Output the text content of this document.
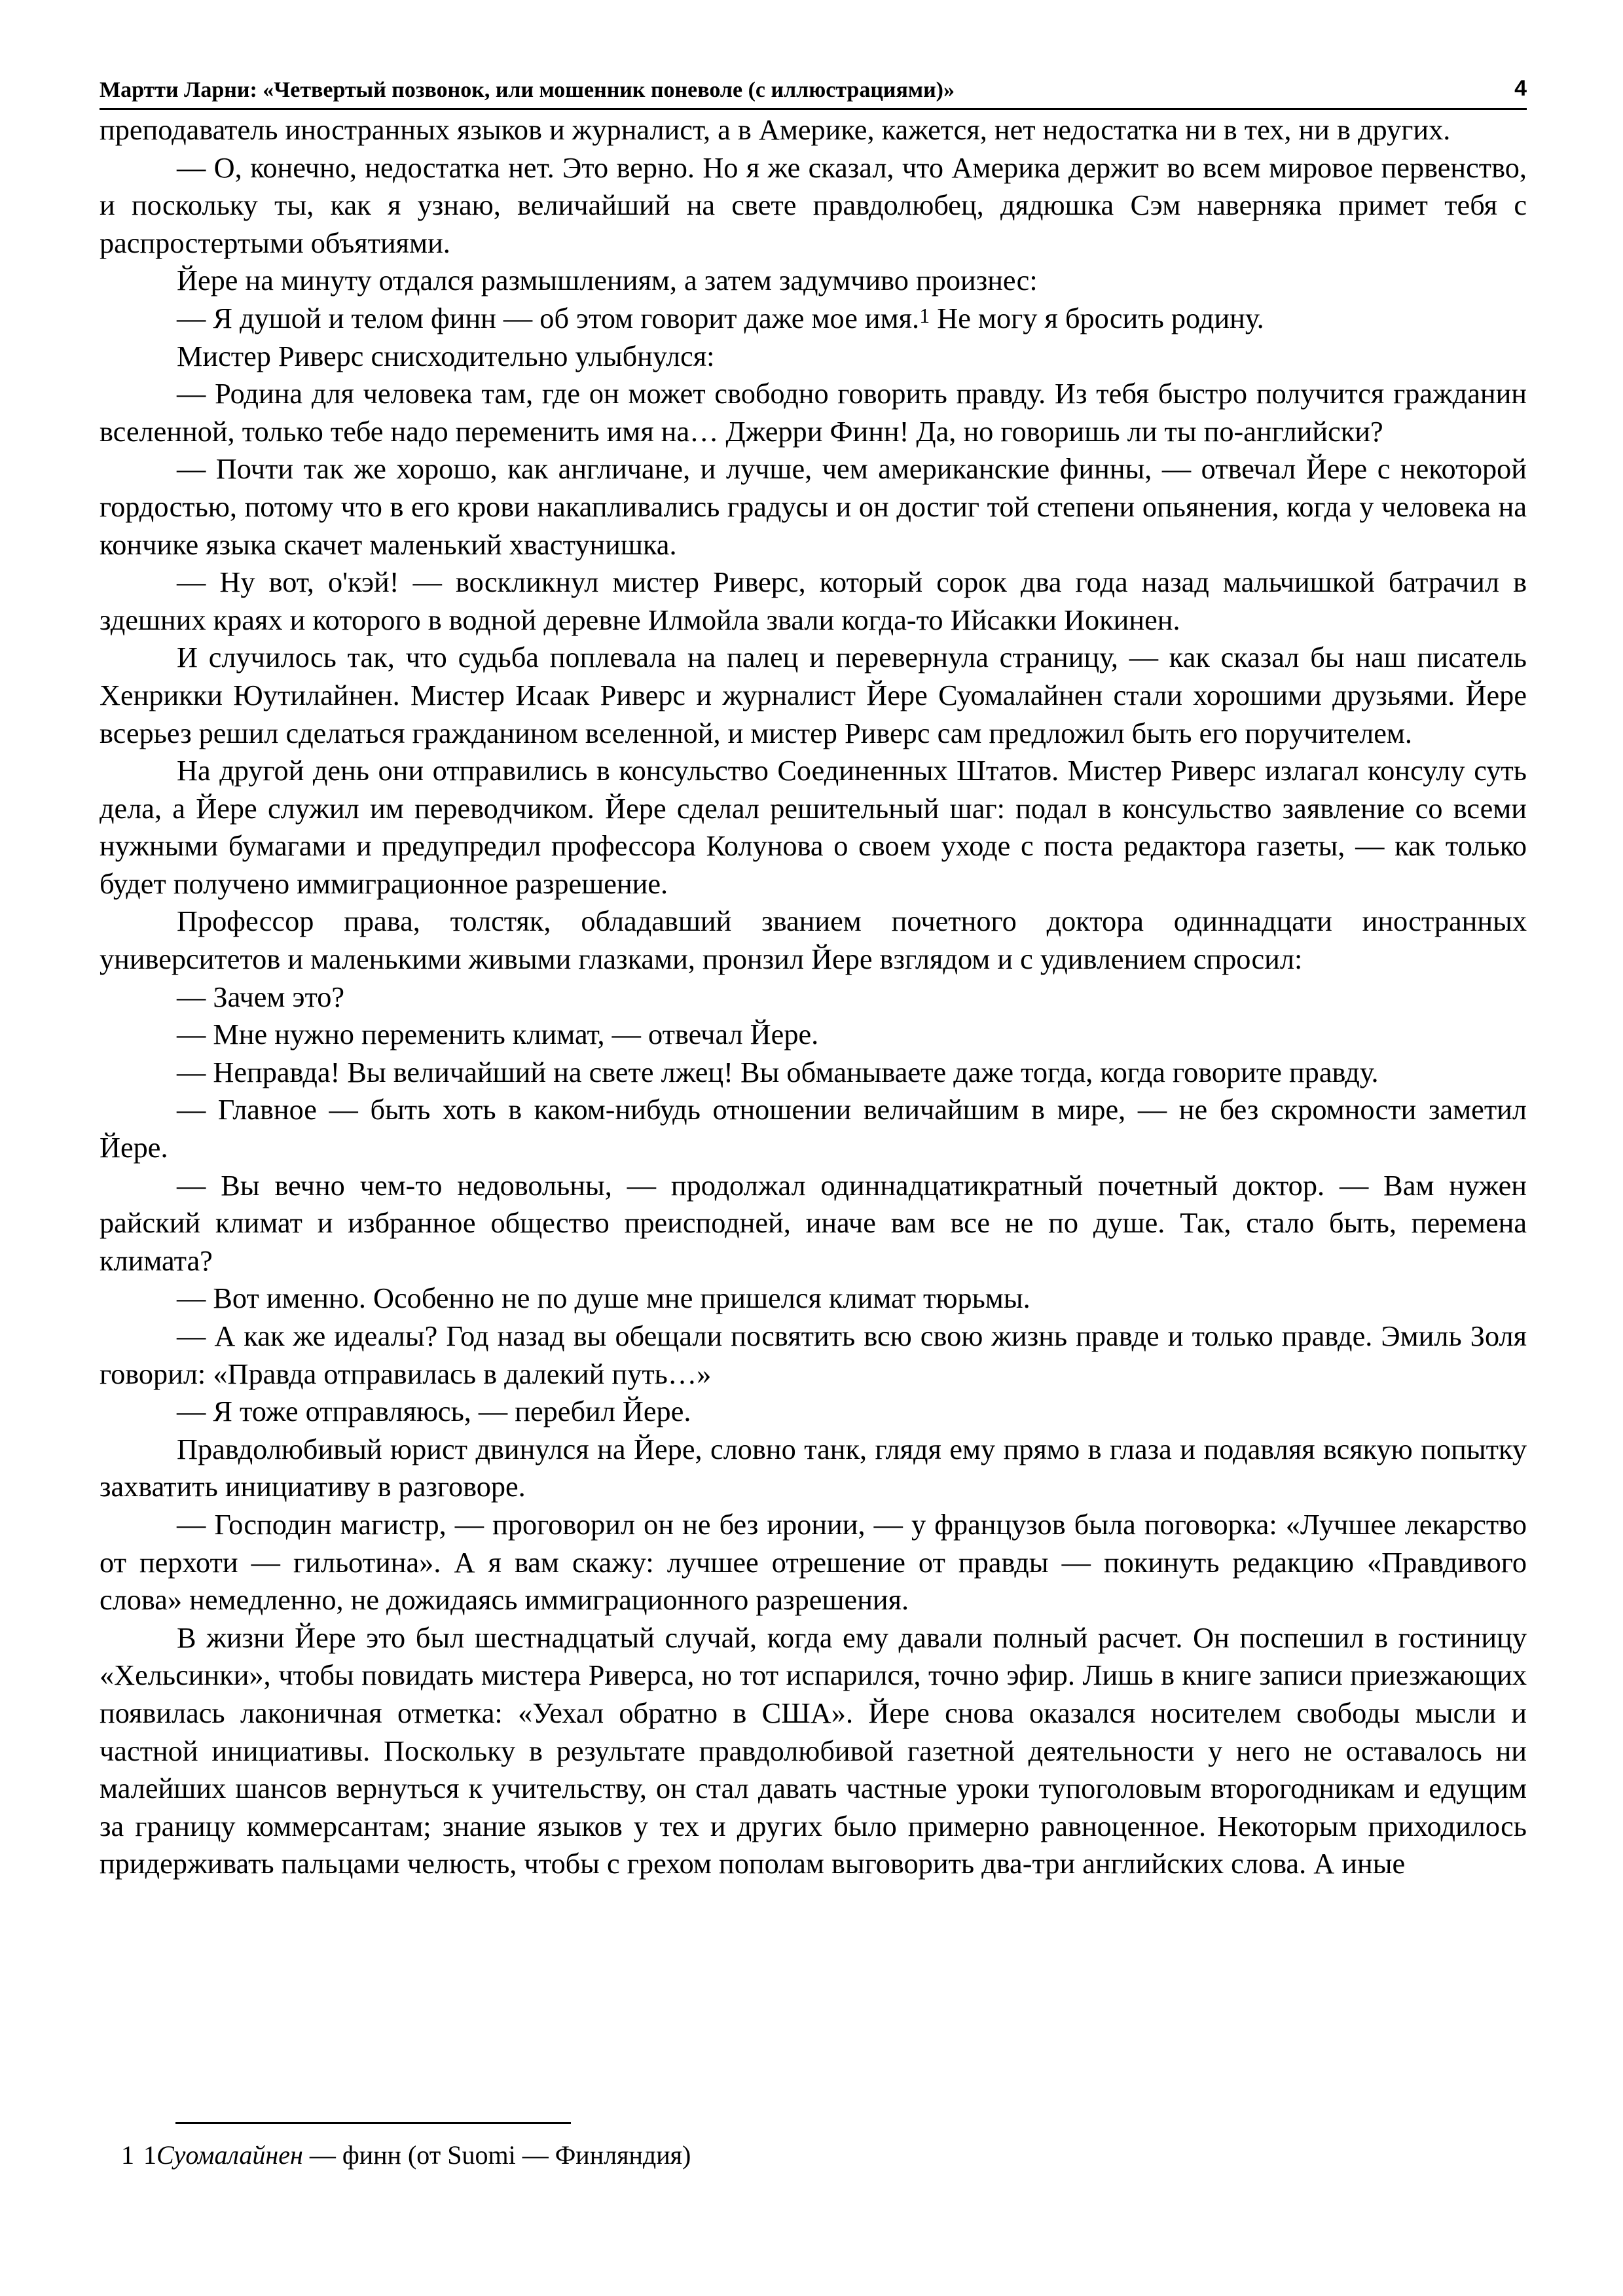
Мартти Ларни: «Четвертый позвонок, или мошенник поневоле (с иллюстрациями)»	4

преподаватель иностранных языков и журналист, а в Америке, кажется, нет недостатка ни в тех, ни в других.

— О, конечно, недостатка нет. Это верно. Но я же сказал, что Америка держит во всем мировое первенство, и поскольку ты, как я узнаю, величайший на свете правдолюбец, дядюшка Сэм наверняка примет тебя с распростертыми объятиями.

Йере на минуту отдался размышлениям, а затем задумчиво произнес:

— Я душой и телом финн — об этом говорит даже мое имя.$^1$ Не могу я бросить родину.

Мистер Риверс снисходительно улыбнулся:

— Родина для человека там, где он может свободно говорить правду. Из тебя быстро получится гражданин вселенной, только тебе надо переменить имя на… Джерри Финн! Да, но говоришь ли ты по-английски?

— Почти так же хорошо, как англичане, и лучше, чем американские финны, — отвечал Йере с некоторой гордостью, потому что в его крови накапливались градусы и он достиг той степени опьянения, когда у человека на кончике языка скачет маленький хвастунишка.

— Ну вот, о'кэй! — воскликнул мистер Риверс, который сорок два года назад мальчишкой батрачил в здешних краях и которого в водной деревне Илмойла звали когда-то Ийсакки Иокинен.

И случилось так, что судьба поплевала на палец и перевернула страницу, — как сказал бы наш писатель Хенрикки Юутилайнен. Мистер Исаак Риверс и журналист Йере Суомалайнен стали хорошими друзьями. Йере всерьез решил сделаться гражданином вселенной, и мистер Риверс сам предложил быть его поручителем.

На другой день они отправились в консульство Соединенных Штатов. Мистер Риверс излагал консулу суть дела, а Йере служил им переводчиком. Йере сделал решительный шаг: подал в консульство заявление со всеми нужными бумагами и предупредил профессора Колунова о своем уходе с поста редактора газеты, — как только будет получено иммиграционное разрешение.

Профессор права, толстяк, обладавший званием почетного доктора одиннадцати иностранных университетов и маленькими живыми глазками, пронзил Йере взглядом и с удивлением спросил:

— Зачем это?

— Мне нужно переменить климат, — отвечал Йере.

— Неправда! Вы величайший на свете лжец! Вы обманываете даже тогда, когда говорите правду.

— Главное — быть хоть в каком-нибудь отношении величайшим в мире, — не без скромности заметил Йере.

— Вы вечно чем-то недовольны, — продолжал одиннадцатикратный почетный доктор. — Вам нужен райский климат и избранное общество преисподней, иначе вам все не по душе. Так, стало быть, перемена климата?

— Вот именно. Особенно не по душе мне пришелся климат тюрьмы.

— А как же идеалы? Год назад вы обещали посвятить всю свою жизнь правде и только правде. Эмиль Золя говорил: «Правда отправилась в далекий путь…»

— Я тоже отправляюсь, — перебил Йере.

Правдолюбивый юрист двинулся на Йере, словно танк, глядя ему прямо в глаза и подавляя всякую попытку захватить инициативу в разговоре.

— Господин магистр, — проговорил он не без иронии, — у французов была поговорка: «Лучшее лекарство от перхоти — гильотина». А я вам скажу: лучшее отрешение от правды — покинуть редакцию «Правдивого слова» немедленно, не дожидаясь иммиграционного разрешения.

В жизни Йере это был шестнадцатый случай, когда ему давали полный расчет. Он поспешил в гостиницу «Хельсинки», чтобы повидать мистера Риверса, но тот испарился, точно эфир. Лишь в книге записи приезжающих появилась лаконичная отметка: «Уехал обратно в США». Йере снова оказался носителем свободы мысли и частной инициативы. Поскольку в результате правдолюбивой газетной деятельности у него не оставалось ни малейших шансов вернуться к учительству, он стал давать частные уроки тупоголовым второгодникам и едущим за границу коммерсантам; знание языков у тех и других было примерно равноценное. Некоторым приходилось придерживать пальцами челюсть, чтобы с грехом пополам выговорить два-три английских слова. А иные

1 1Суомалайнен — финн (от Suomi — Финляндия)
